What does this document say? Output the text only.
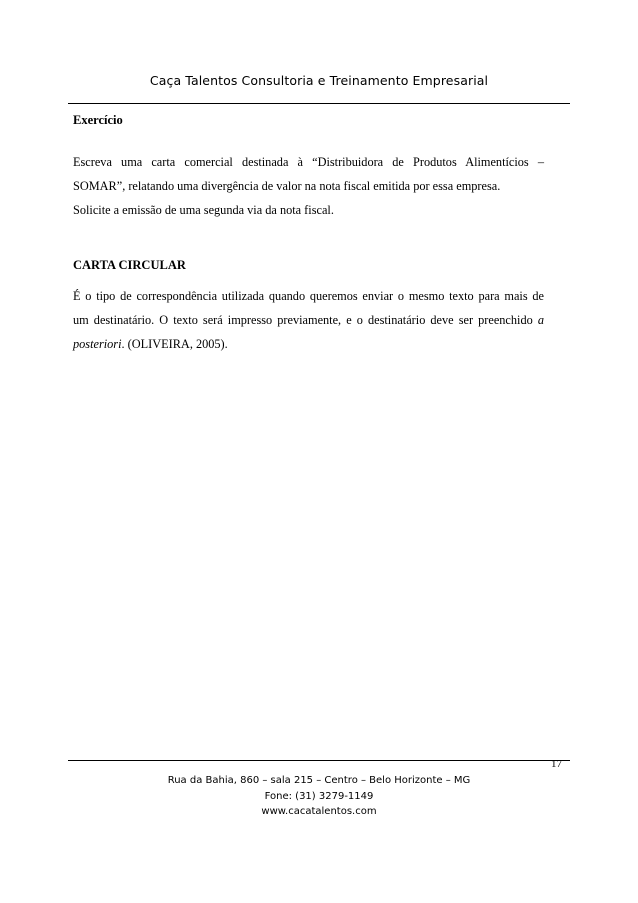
Caça Talentos Consultoria e Treinamento Empresarial
Exercício
Escreva uma carta comercial destinada à “Distribuidora de Produtos Alimentícios –
SOMAR”, relatando uma divergência de valor na nota fiscal emitida por essa empresa.
Solicite a emissão de uma segunda via da nota fiscal.
CARTA CIRCULAR
É o tipo de correspondência utilizada quando queremos enviar o mesmo texto para mais de
um destinatário. O texto será impresso previamente, e o destinatário deve ser preenchido a
posteriori. (OLIVEIRA, 2005).
17
Rua da Bahia, 860 – sala 215 – Centro – Belo Horizonte – MG
Fone: (31) 3279-1149
www.cacatalentos.com
